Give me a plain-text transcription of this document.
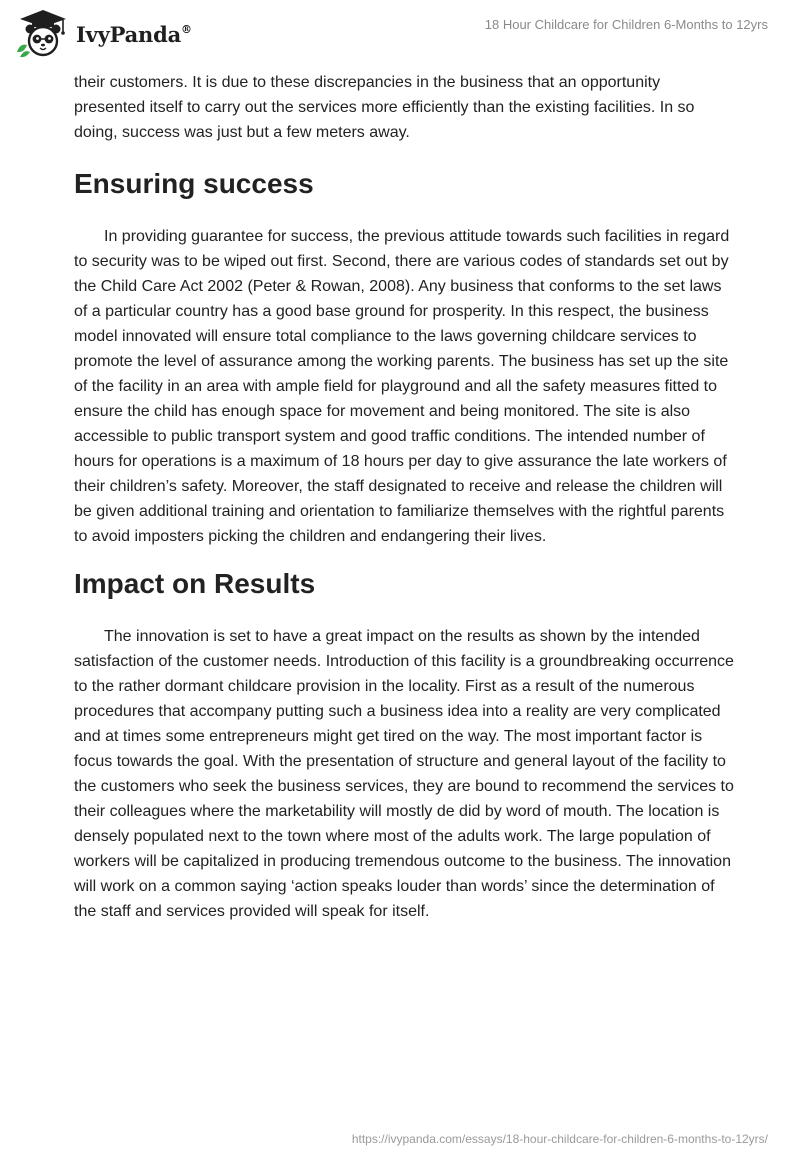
IvyPanda®	18 Hour Childcare for Children 6-Months to 12yrs

their customers. It is due to these discrepancies in the business that an opportunity presented itself to carry out the services more efficiently than the existing facilities. In so doing, success was just but a few meters away.

Ensuring success

In providing guarantee for success, the previous attitude towards such facilities in regard to security was to be wiped out first. Second, there are various codes of standards set out by the Child Care Act 2002 (Peter & Rowan, 2008). Any business that conforms to the set laws of a particular country has a good base ground for prosperity. In this respect, the business model innovated will ensure total compliance to the laws governing childcare services to promote the level of assurance among the working parents. The business has set up the site of the facility in an area with ample field for playground and all the safety measures fitted to ensure the child has enough space for movement and being monitored. The site is also accessible to public transport system and good traffic conditions. The intended number of hours for operations is a maximum of 18 hours per day to give assurance the late workers of their children’s safety. Moreover, the staff designated to receive and release the children will be given additional training and orientation to familiarize themselves with the rightful parents to avoid imposters picking the children and endangering their lives.

Impact on Results

The innovation is set to have a great impact on the results as shown by the intended satisfaction of the customer needs. Introduction of this facility is a groundbreaking occurrence to the rather dormant childcare provision in the locality. First as a result of the numerous procedures that accompany putting such a business idea into a reality are very complicated and at times some entrepreneurs might get tired on the way. The most important factor is focus towards the goal. With the presentation of structure and general layout of the facility to the customers who seek the business services, they are bound to recommend the services to their colleagues where the marketability will mostly de did by word of mouth. The location is densely populated next to the town where most of the adults work. The large population of workers will be capitalized in producing tremendous outcome to the business. The innovation will work on a common saying ‘action speaks louder than words’ since the determination of the staff and services provided will speak for itself.

https://ivypanda.com/essays/18-hour-childcare-for-children-6-months-to-12yrs/
